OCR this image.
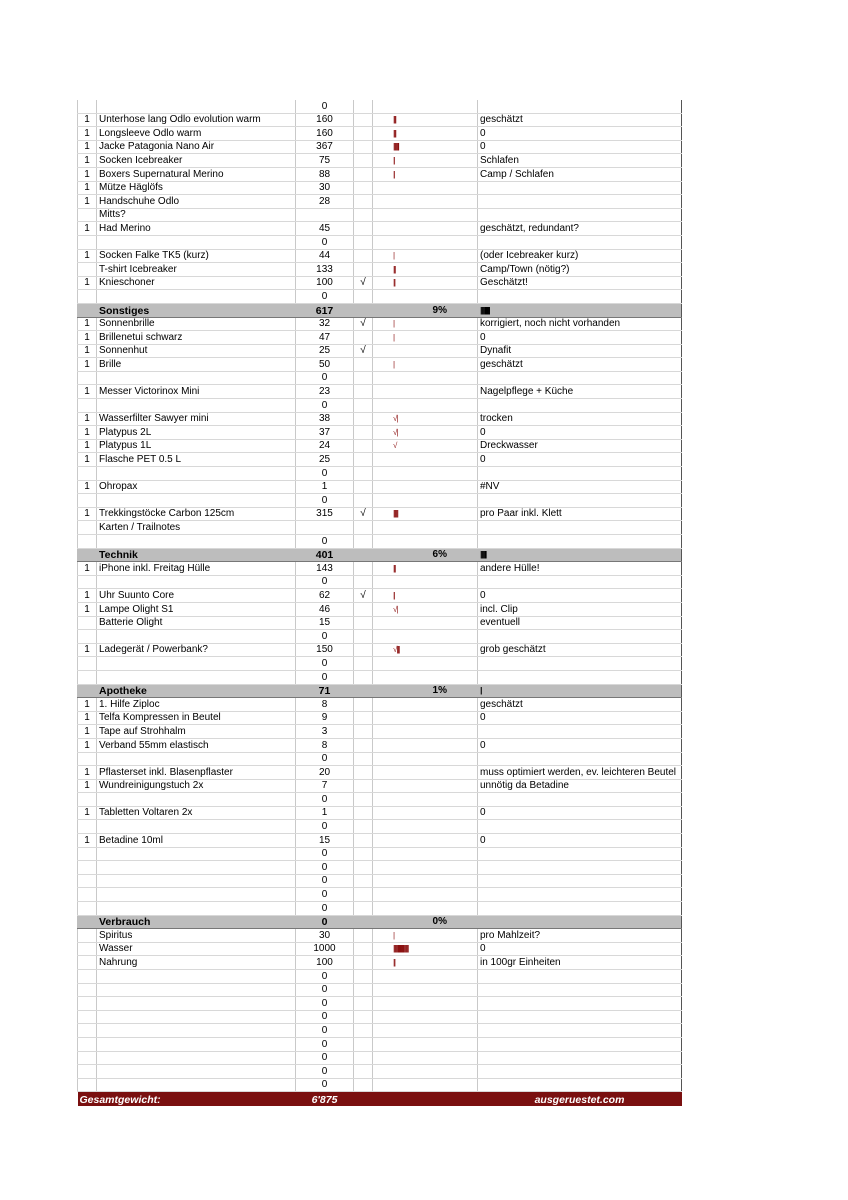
		0			
1	Unterhose lang Odlo evolution warm	160		|||||	geschätzt
1	Longsleeve Odlo warm	160		|||||	0
1	Jacke Patagonia Nano Air	367		|||||||||||	0
1	Socken Icebreaker	75		||	Schlafen
1	Boxers Supernatural Merino	88		||	Camp / Schlafen
1	Mütze Häglöfs	30			
1	Handschuhe Odlo	28			
	Mitts?				
1	Had Merino	45			geschätzt, redundant?
		0			
1	Socken Falke TK5 (kurz)	44		|	(oder Icebreaker kurz)
	T-shirt Icebreaker	133		||||	Camp/Town (nötig?)
1	Knieschoner	100	√	|||	Geschätzt!
		0			
	Sonstiges	617		9%	|||||||||||||||||||
1	Sonnenbrille	32	√	|	korrigiert, noch nicht vorhanden
1	Brillenetui schwarz	47		|	0
1	Sonnenhut	25	√		Dynafit
1	Brille	50		|	geschätzt
		0			
1	Messer Victorinox Mini	23			Nagelpflege + Küche
		0			
1	Wasserfilter Sawyer mini	38		√ |	trocken
1	Platypus 2L	37		√ |	0
1	Platypus 1L	24		√	Dreckwasser
1	Flasche PET 0.5 L	25			0
		0			
1	Ohropax	1			#NV
		0			
1	Trekkingstöcke Carbon 125cm	315	√	|||||||||	pro Paar inkl. Klett
	Karten / Trailnotes				
		0			
	Technik	401		6%	||||||||||||
1	iPhone inkl. Freitag Hülle	143		||||	andere Hülle!
		0			
1	Uhr Suunto Core	62	√	||	0
1	Lampe Olight S1	46		√ |	incl. Clip
	Batterie Olight	15			eventuell
		0			
1	Ladegerät / Powerbank?	150		√ |||||	grob geschätzt
		0			
		0			
	Apotheke	71		1%	||
1	1. Hilfe Ziploc	8			geschätzt
1	Telfa Kompressen in Beutel	9			0
1	Tape auf Strohhalm	3			
1	Verband 55mm elastisch	8			0
		0			
1	Pflasterset inkl. Blasenpflaster	20			muss optimiert werden, ev. leichteren Beutel
1	Wundreinigungstuch 2x	7			unnötig da Betadine
		0			
1	Tabletten Voltaren 2x	1			0
		0			
1	Betadine 10ml	15			0
		0			
		0			
		0			
		0			
		0			
	Verbrauch	0		0%	
	Spiritus	30		|	pro Mahlzeit?
	Wasser	1000		|||||||||||||||||||||||||||||||	0
	Nahrung	100		|||	in 100gr Einheiten
		0			
		0			
		0			
		0			
		0			
		0			
		0			
		0			
		0			
Gesamtgewicht:		6'875			ausgeruestet.com
